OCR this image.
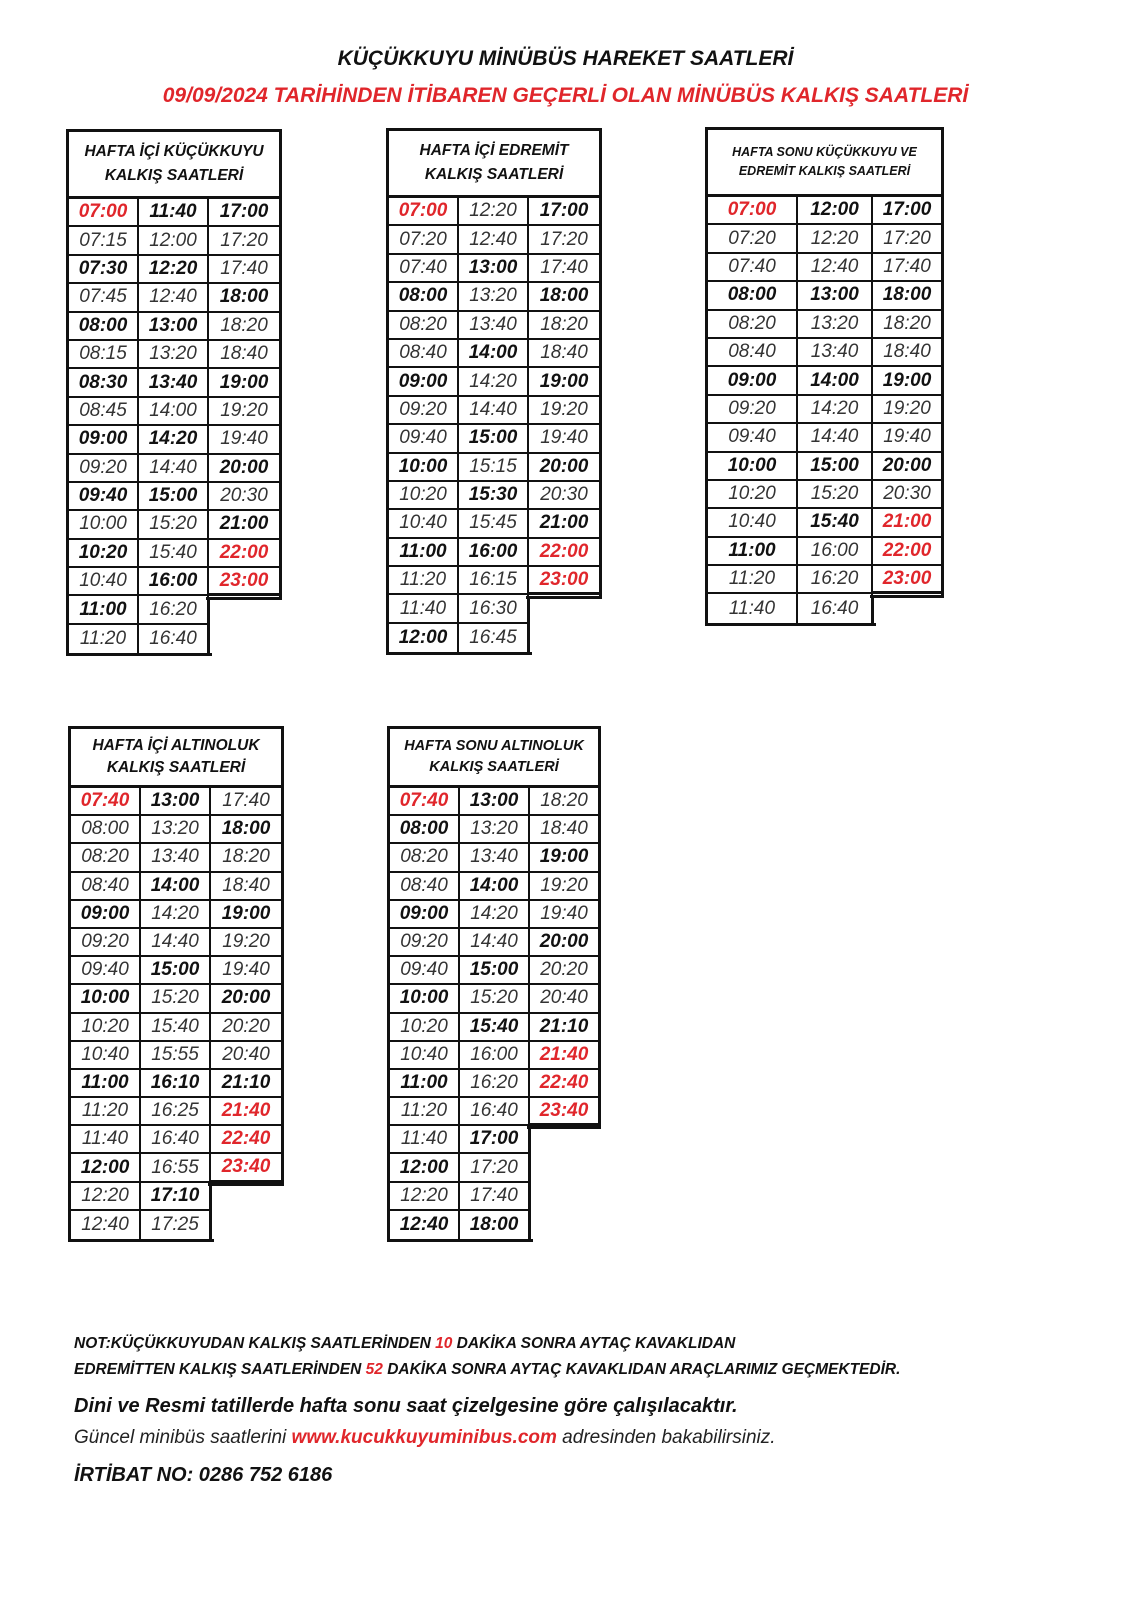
KÜÇÜKKUYU MİNÜBÜS HAREKET SAATLERİ
09/09/2024 TARİHİNDEN İTİBAREN GEÇERLİ OLAN MİNÜBÜS KALKIŞ SAATLERİ
HAFTA İÇİ KÜÇÜKKUYU
KALKIŞ SAATLERİ
07:00	11:40	17:00
07:15	12:00	17:20
07:30	12:20	17:40
07:45	12:40	18:00
08:00	13:00	18:20
08:15	13:20	18:40
08:30	13:40	19:00
08:45	14:00	19:20
09:00	14:20	19:40
09:20	14:40	20:00
09:40	15:00	20:30
10:00	15:20	21:00
10:20	15:40	22:00
10:40	16:00	23:00
11:00	16:20
11:20	16:40
HAFTA İÇİ EDREMİT
KALKIŞ SAATLERİ
07:00	12:20	17:00
07:20	12:40	17:20
07:40	13:00	17:40
08:00	13:20	18:00
08:20	13:40	18:20
08:40	14:00	18:40
09:00	14:20	19:00
09:20	14:40	19:20
09:40	15:00	19:40
10:00	15:15	20:00
10:20	15:30	20:30
10:40	15:45	21:00
11:00	16:00	22:00
11:20	16:15	23:00
11:40	16:30
12:00	16:45
HAFTA SONU KÜÇÜKKUYU VE
EDREMİT KALKIŞ SAATLERİ
07:00	12:00	17:00
07:20	12:20	17:20
07:40	12:40	17:40
08:00	13:00	18:00
08:20	13:20	18:20
08:40	13:40	18:40
09:00	14:00	19:00
09:20	14:20	19:20
09:40	14:40	19:40
10:00	15:00	20:00
10:20	15:20	20:30
10:40	15:40	21:00
11:00	16:00	22:00
11:20	16:20	23:00
11:40	16:40
HAFTA İÇİ ALTINOLUK
KALKIŞ SAATLERİ
07:40	13:00	17:40
08:00	13:20	18:00
08:20	13:40	18:20
08:40	14:00	18:40
09:00	14:20	19:00
09:20	14:40	19:20
09:40	15:00	19:40
10:00	15:20	20:00
10:20	15:40	20:20
10:40	15:55	20:40
11:00	16:10	21:10
11:20	16:25	21:40
11:40	16:40	22:40
12:00	16:55	23:40
12:20	17:10
12:40	17:25
HAFTA SONU ALTINOLUK
KALKIŞ SAATLERİ
07:40	13:00	18:20
08:00	13:20	18:40
08:20	13:40	19:00
08:40	14:00	19:20
09:00	14:20	19:40
09:20	14:40	20:00
09:40	15:00	20:20
10:00	15:20	20:40
10:20	15:40	21:10
10:40	16:00	21:40
11:00	16:20	22:40
11:20	16:40	23:40
11:40	17:00
12:00	17:20
12:20	17:40
12:40	18:00
NOT:KÜÇÜKKUYUDAN KALKIŞ SAATLERİNDEN 10 DAKİKA SONRA AYTAÇ KAVAKLIDAN
EDREMİTTEN KALKIŞ SAATLERİNDEN 52 DAKİKA SONRA AYTAÇ KAVAKLIDAN ARAÇLARIMIZ GEÇMEKTEDİR.
Dini ve Resmi tatillerde hafta sonu saat çizelgesine göre çalışılacaktır.
Güncel minibüs saatlerini www.kucukkuyuminibus.com adresinden bakabilirsiniz.
İRTİBAT NO: 0286 752 6186
